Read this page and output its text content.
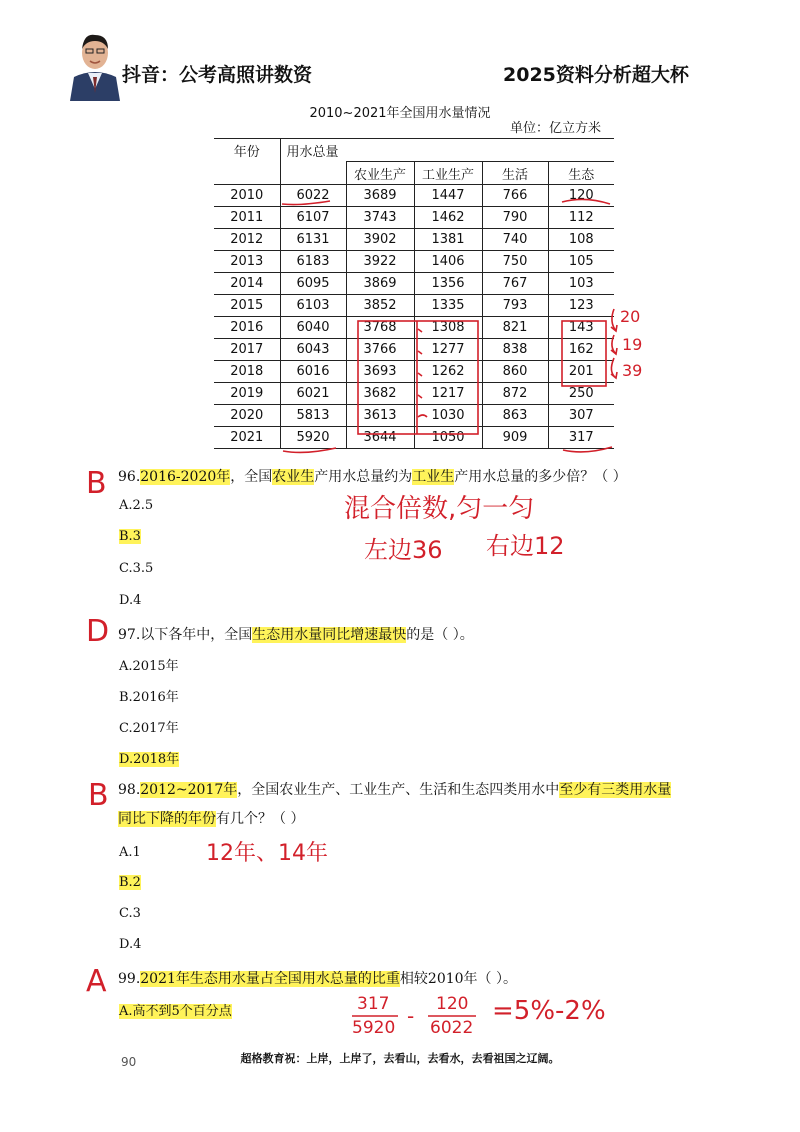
抖音：公考高照讲数资	2025资料分析超大杯
2010~2021年全国用水量情况
单位：亿立方米
年份	用水总量				
		农业生产	工业生产	生活	生态
2010	6022	3689	1447	766	120
2011	6107	3743	1462	790	112
2012	6131	3902	1381	740	108
2013	6183	3922	1406	750	105
2014	6095	3869	1356	767	103
2015	6103	3852	1335	793	123
2016	6040	3768	1308	821	143
2017	6043	3766	1277	838	162
2018	6016	3693	1262	860	201
2019	6021	3682	1217	872	250
2020	5813	3613	1030	863	307
2021	5920	3644	1050	909	317
20
19
39
B 96.2016-2020年，全国农业生产用水总量约为工业生产用水总量的多少倍？（ ）
A.2.5
B.3
C.3.5
D.4
混合倍数,匀一匀
左边36 右边12
D 97.以下各年中，全国生态用水量同比增速最快的是（ ）。
A.2015年
B.2016年
C.2017年
D.2018年
B 98.2012~2017年，全国农业生产、工业生产、生活和生态四类用水中至少有三类用水量
同比下降的年份有几个？（ ）
A.1
B.2
C.3
D.4
12年、14年
A 99.2021年生态用水量占全国用水总量的比重相较2010年（ ）。
A.高不到5个百分点	317
5920 - 120
6022
=5%-2%
90	超格教育祝：上岸，上岸了，去看山，去看水，去看祖国之辽阔。
